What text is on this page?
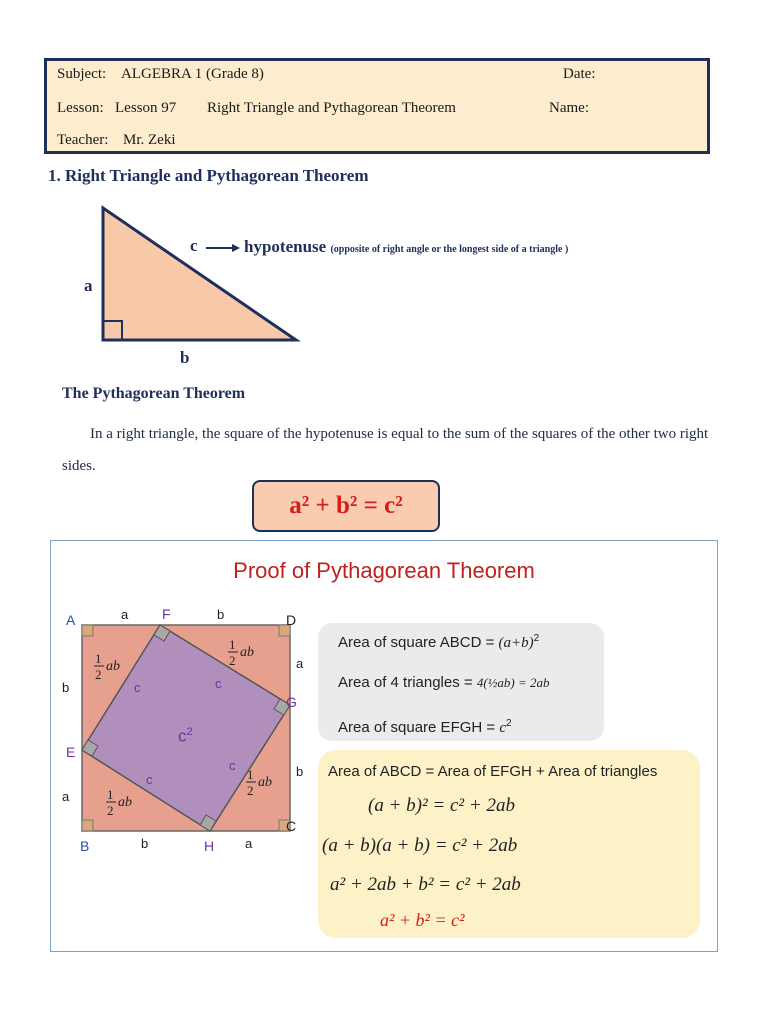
Subject: ALGEBRA 1 (Grade 8)	Date:
Lesson: Lesson 97 Right Triangle and Pythagorean Theorem	Name:
Teacher: Mr. Zeki
1. Right Triangle and Pythagorean Theorem
a
b
c	hypotenuse (opposite of right angle or the longest side of a triangle )
The Pythagorean Theorem
In a right triangle, the square of the hypotenuse is equal to the sum of the squares of the other two right sides.
a² + b² = c²
Proof of Pythagorean Theorem
A	D
B
C
F
G
H
E
a	b
a
b
b
a
b	a
c	c
c
c
$c^2$
1
2
ab
1
2
ab
1
2
ab
1
2
ab
Area of square ABCD = $(a+b)^2$
Area of 4 triangles = 4(½ab) = 2ab
Area of square EFGH = $c^2$
Area of ABCD = Area of EFGH + Area of triangles
(a + b)² = c² + 2ab
(a + b)(a + b) = c² + 2ab
a² + 2ab + b² = c² + 2ab
a² + b² = c²
